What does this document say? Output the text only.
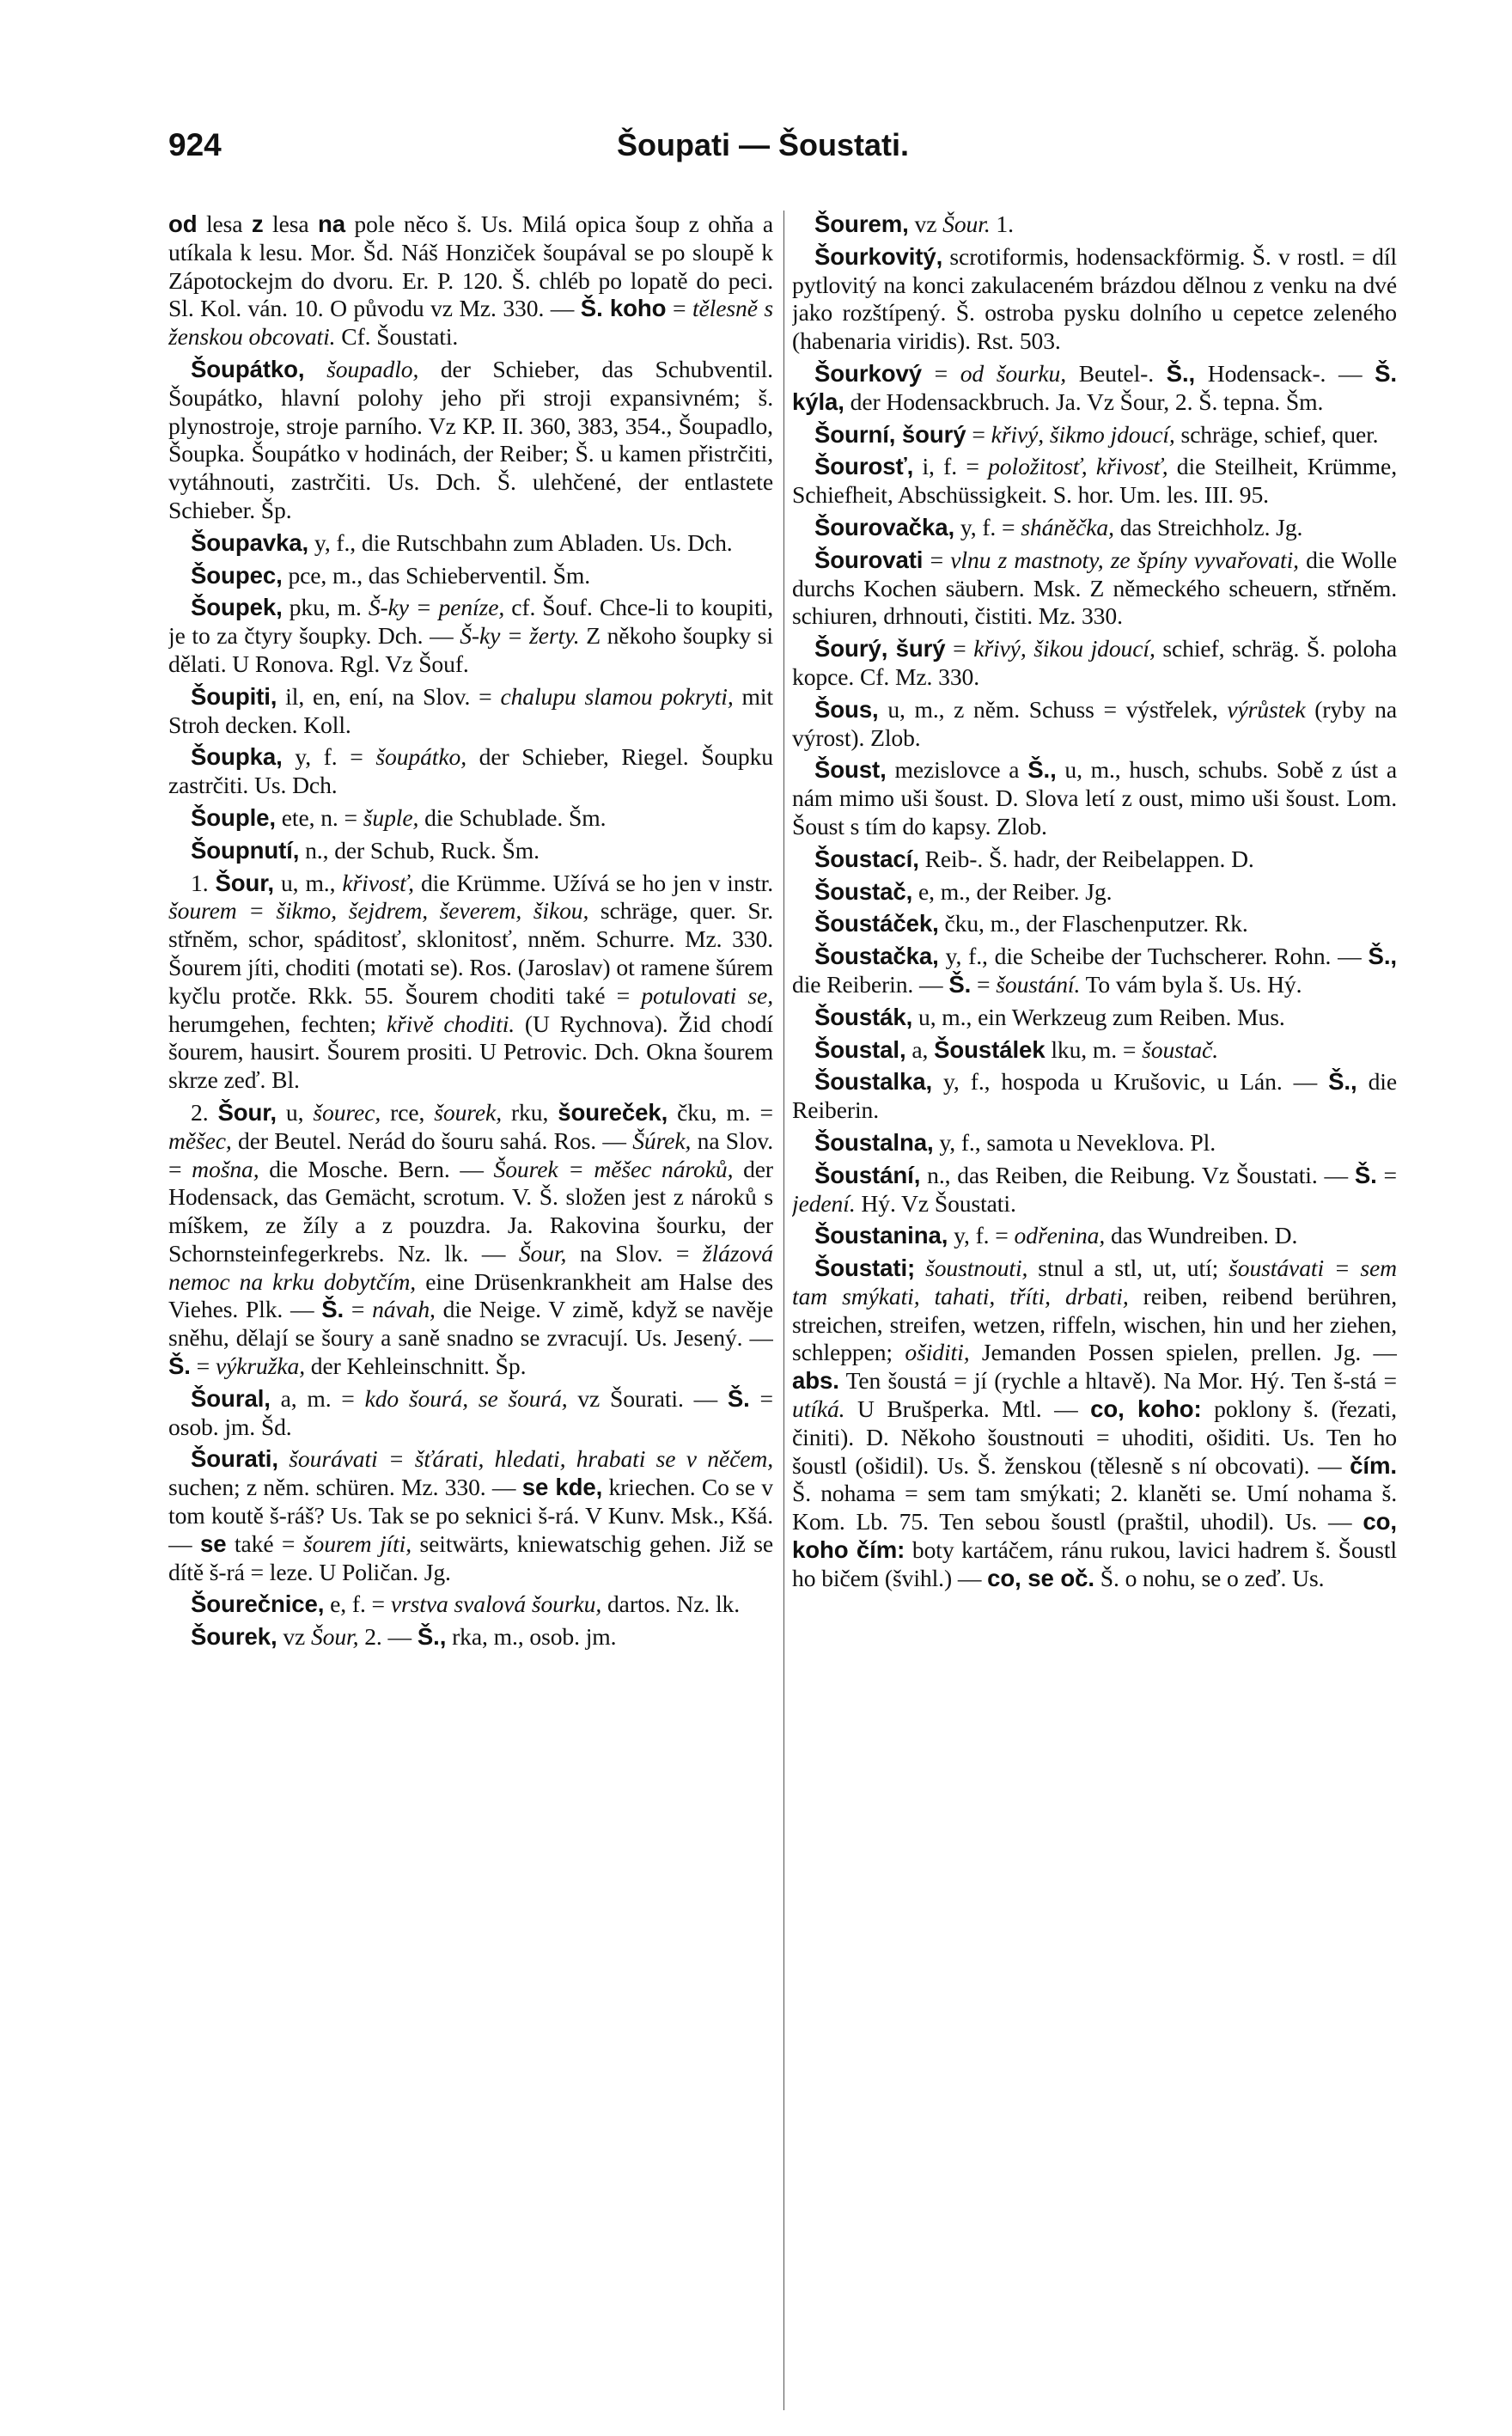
924	Šoupati — Šoustati.

od lesa z lesa na pole něco š. Us. Milá opica šoup z ohňa a utíkala k lesu. Mor. Šd. Náš Honziček šoupával se po sloupě k Zápotockejm do dvoru. Er. P. 120. Š. chléb po lopatě do peci. Sl. Kol. ván. 10. O původu vz Mz. 330. — Š. koho = tělesně s ženskou obcovati. Cf. Šoustati.

Šoupátko, šoupadlo, der Schieber, das Schubventil. Šoupátko, hlavní polohy jeho při stroji expansivném; š. plynostroje, stroje parního. Vz KP. II. 360, 383, 354., Šoupadlo, Šoupka. Šoupátko v hodinách, der Reiber; Š. u kamen přistrčiti, vytáhnouti, zastrčiti. Us. Dch. Š. ulehčené, der entlastete Schieber. Šp.

Šoupavka, y, f., die Rutschbahn zum Abladen. Us. Dch.

Šoupec, pce, m., das Schieberventil. Šm.

Šoupek, pku, m. Š-ky = peníze, cf. Šouf. Chce-li to koupiti, je to za čtyry šoupky. Dch. — Š-ky = žerty. Z někoho šoupky si dělati. U Ronova. Rgl. Vz Šouf.

Šoupiti, il, en, ení, na Slov. = chalupu slamou pokryti, mit Stroh decken. Koll.

Šoupka, y, f. = šoupátko, der Schieber, Riegel. Šoupku zastrčiti. Us. Dch.

Šouple, ete, n. = šuple, die Schublade. Šm.

Šoupnutí, n., der Schub, Ruck. Šm.

1. Šour, u, m., křivosť, die Krümme. Užívá se ho jen v instr. šourem = šikmo, šejdrem, ševerem, šikou, schräge, quer. Sr. střněm, schor, spáditosť, sklonitosť, nněm. Schurre. Mz. 330. Šourem jíti, choditi (motati se). Ros. (Jaroslav) ot ramene šúrem kyčlu protče. Rkk. 55. Šourem choditi také = potulovati se, herumgehen, fechten; křivě choditi. (U Rychnova). Žid chodí šourem, hausirt. Šourem prositi. U Petrovic. Dch. Okna šourem skrze zeď. Bl.

2. Šour, u, šourec, rce, šourek, rku, šoureček, čku, m. = měšec, der Beutel. Nerád do šouru sahá. Ros. — Šúrek, na Slov. = mošna, die Mosche. Bern. — Šourek = měšec nároků, der Hodensack, das Gemächt, scrotum. V. Š. složen jest z nároků s míškem, ze žíly a z pouzdra. Ja. Rakovina šourku, der Schornsteinfegerkrebs. Nz. lk. — Šour, na Slov. = žlázová nemoc na krku dobytčím, eine Drüsenkrankheit am Halse des Viehes. Plk. — Š. = návah, die Neige. V zimě, když se navěje sněhu, dělají se šoury a saně snadno se zvracují. Us. Jesený. — Š. = výkružka, der Kehleinschnitt. Šp.

Šoural, a, m. = kdo šourá, se šourá, vz Šourati. — Š. = osob. jm. Šd.

Šourati, šourávati = šťárati, hledati, hrabati se v něčem, suchen; z něm. schüren. Mz. 330. — se kde, kriechen. Co se v tom koutě š-ráš? Us. Tak se po seknici š-rá. V Kunv. Msk., Kšá. — se také = šourem jíti, seitwärts, kniewatschig gehen. Již se dítě š-rá = leze. U Poličan. Jg.

Šourečnice, e, f. = vrstva svalová šourku, dartos. Nz. lk.

Šourek, vz Šour, 2. — Š., rka, m., osob. jm.

Šourem, vz Šour. 1.

Šourkovitý, scrotiformis, hodensackförmig. Š. v rostl. = díl pytlovitý na konci zakulaceném brázdou dělnou z venku na dvé jako rozštípený. Š. ostroba pysku dolního u cepetce zeleného (habenaria viridis). Rst. 503.

Šourkový = od šourku, Beutel-. Š., Hodensack-. — Š. kýla, der Hodensackbruch. Ja. Vz Šour, 2. Š. tepna. Šm.

Šourní, šourý = křivý, šikmo jdoucí, schräge, schief, quer.

Šourosť, i, f. = položitosť, křivosť, die Steilheit, Krümme, Schiefheit, Abschüssigkeit. S. hor. Um. les. III. 95.

Šourovačka, y, f. = sháněčka, das Streichholz. Jg.

Šourovati = vlnu z mastnoty, ze špíny vyvařovati, die Wolle durchs Kochen säubern. Msk. Z německého scheuern, střněm. schiuren, drhnouti, čistiti. Mz. 330.

Šourý, šurý = křivý, šikou jdoucí, schief, schräg. Š. poloha kopce. Cf. Mz. 330.

Šous, u, m., z něm. Schuss = výstřelek, výrůstek (ryby na výrost). Zlob.

Šoust, mezislovce a Š., u, m., husch, schubs. Sobě z úst a nám mimo uši šoust. D. Slova letí z oust, mimo uši šoust. Lom. Šoust s tím do kapsy. Zlob.

Šoustací, Reib-. Š. hadr, der Reibelappen. D.

Šoustač, e, m., der Reiber. Jg.

Šoustáček, čku, m., der Flaschenputzer. Rk.

Šoustačka, y, f., die Scheibe der Tuchscherer. Rohn. — Š., die Reiberin. — Š. = šoustání. To vám byla š. Us. Hý.

Šousták, u, m., ein Werkzeug zum Reiben. Mus.

Šoustal, a, Šoustálek lku, m. = šoustač.

Šoustalka, y, f., hospoda u Krušovic, u Lán. — Š., die Reiberin.

Šoustalna, y, f., samota u Neveklova. Pl.

Šoustání, n., das Reiben, die Reibung. Vz Šoustati. — Š. = jedení. Hý. Vz Šoustati.

Šoustanina, y, f. = odřenina, das Wundreiben. D.

Šoustati; šoustnouti, stnul a stl, ut, utí; šoustávati = sem tam smýkati, tahati, tříti, drbati, reiben, reibend berühren, streichen, streifen, wetzen, riffeln, wischen, hin und her ziehen, schleppen; ošiditi, Jemanden Possen spielen, prellen. Jg. — abs. Ten šoustá = jí (rychle a hltavě). Na Mor. Hý. Ten š-stá = utíká. U Brušperka. Mtl. — co, koho: poklony š. (řezati, činiti). D. Někoho šoustnouti = uhoditi, ošiditi. Us. Ten ho šoustl (ošidil). Us. Š. ženskou (tělesně s ní obcovati). — čím. Š. nohama = sem tam smýkati; 2. klaněti se. Umí nohama š. Kom. Lb. 75. Ten sebou šoustl (praštil, uhodil). Us. — co, koho čím: boty kartáčem, ránu rukou, lavici hadrem š. Šoustl ho bičem (švihl.) — co, se oč. Š. o nohu, se o zeď. Us.
